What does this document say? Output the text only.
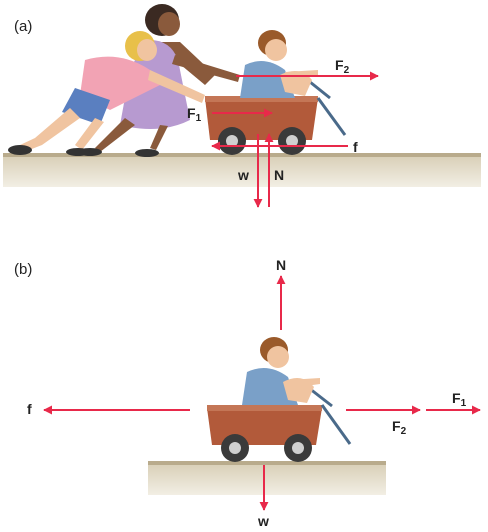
(a)
$F_2$
$F_1$
f
w N
(b)	N
f
$F_2$
$F_1$
w
